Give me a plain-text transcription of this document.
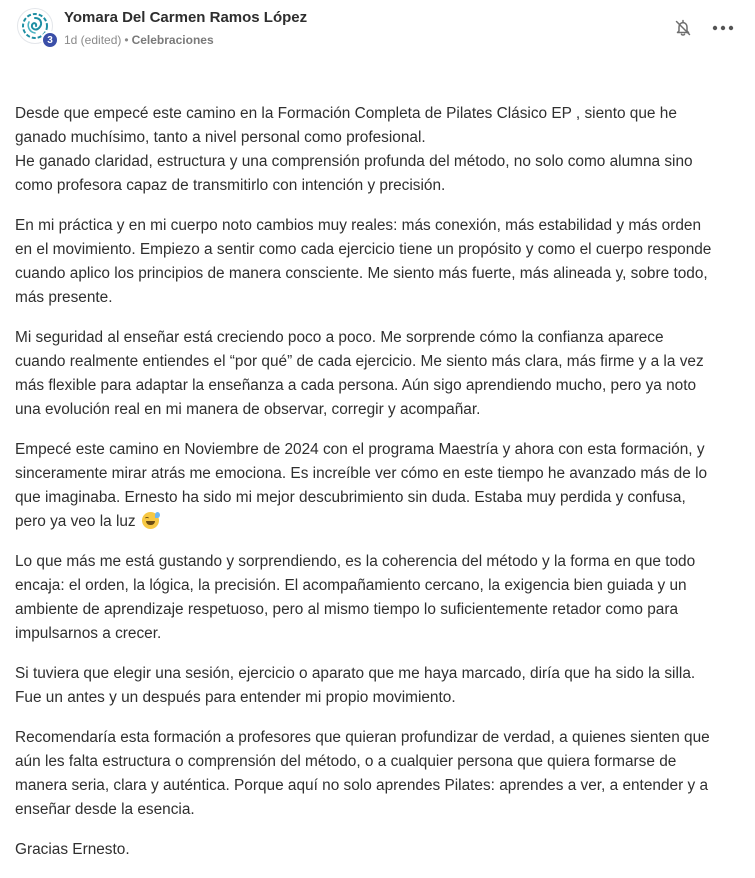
3
Yomara Del Carmen Ramos López
1d (edited) • Celebraciones

Desde que empecé este camino en la Formación Completa de Pilates Clásico EP , siento que he
ganado muchísimo, tanto a nivel personal como profesional.
He ganado claridad, estructura y una comprensión profunda del método, no solo como alumna sino
como profesora capaz de transmitirlo con intención y precisión.

En mi práctica y en mi cuerpo noto cambios muy reales: más conexión, más estabilidad y más orden
en el movimiento. Empiezo a sentir como cada ejercicio tiene un propósito y como el cuerpo responde
cuando aplico los principios de manera consciente. Me siento más fuerte, más alineada y, sobre todo,
más presente.

Mi seguridad al enseñar está creciendo poco a poco. Me sorprende cómo la confianza aparece
cuando realmente entiendes el “por qué” de cada ejercicio. Me siento más clara, más firme y a la vez
más flexible para adaptar la enseñanza a cada persona. Aún sigo aprendiendo mucho, pero ya noto
una evolución real en mi manera de observar, corregir y acompañar.

Empecé este camino en Noviembre de 2024 con el programa Maestría y ahora con esta formación, y
sinceramente mirar atrás me emociona. Es increíble ver cómo en este tiempo he avanzado más de lo
que imaginaba. Ernesto ha sido mi mejor descubrimiento sin duda. Estaba muy perdida y confusa,
pero ya veo la luz

Lo que más me está gustando y sorprendiendo, es la coherencia del método y la forma en que todo
encaja: el orden, la lógica, la precisión. El acompañamiento cercano, la exigencia bien guiada y un
ambiente de aprendizaje respetuoso, pero al mismo tiempo lo suficientemente retador como para
impulsarnos a crecer.

Si tuviera que elegir una sesión, ejercicio o aparato que me haya marcado, diría que ha sido la silla.
Fue un antes y un después para entender mi propio movimiento.

Recomendaría esta formación a profesores que quieran profundizar de verdad, a quienes sienten que
aún les falta estructura o comprensión del método, o a cualquier persona que quiera formarse de
manera seria, clara y auténtica. Porque aquí no solo aprendes Pilates: aprendes a ver, a entender y a
enseñar desde la esencia.

Gracias Ernesto.
